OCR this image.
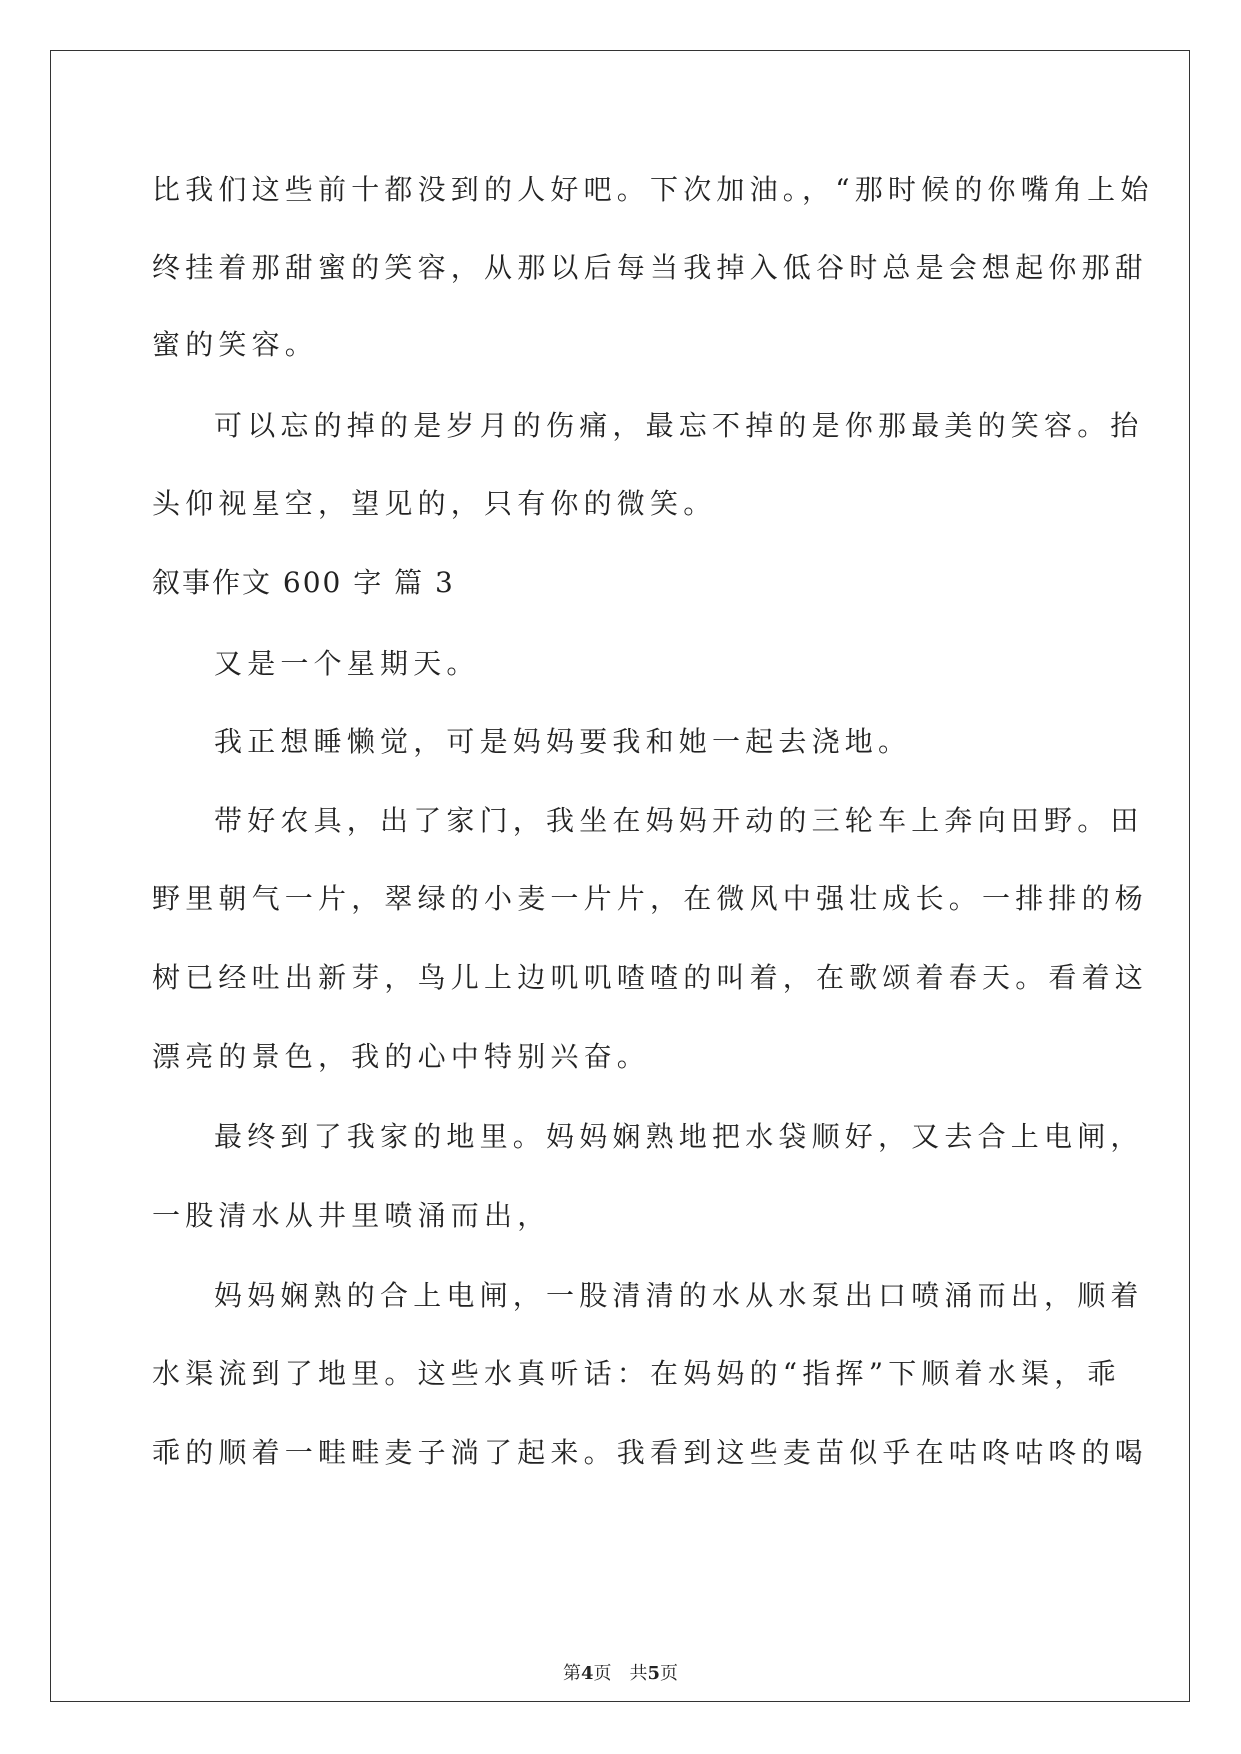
比我们这些前十都没到的人好吧。下次加油。，“那时候的你嘴角上始
终挂着那甜蜜的笑容，从那以后每当我掉入低谷时总是会想起你那甜
蜜的笑容。
可以忘的掉的是岁月的伤痛，最忘不掉的是你那最美的笑容。抬
头仰视星空，望见的，只有你的微笑。
叙事作文 600 字 篇 3
又是一个星期天。
我正想睡懒觉，可是妈妈要我和她一起去浇地。
带好农具，出了家门，我坐在妈妈开动的三轮车上奔向田野。田
野里朝气一片，翠绿的小麦一片片，在微风中强壮成长。一排排的杨
树已经吐出新芽，鸟儿上边叽叽喳喳的叫着，在歌颂着春天。看着这
漂亮的景色，我的心中特别兴奋。
最终到了我家的地里。妈妈娴熟地把水袋顺好，又去合上电闸，
一股清水从井里喷涌而出，
妈妈娴熟的合上电闸，一股清清的水从水泵出口喷涌而出，顺着
水渠流到了地里。这些水真听话：在妈妈的“指挥”下顺着水渠，乖
乖的顺着一畦畦麦子淌了起来。我看到这些麦苗似乎在咕咚咕咚的喝
第4页 共5页
